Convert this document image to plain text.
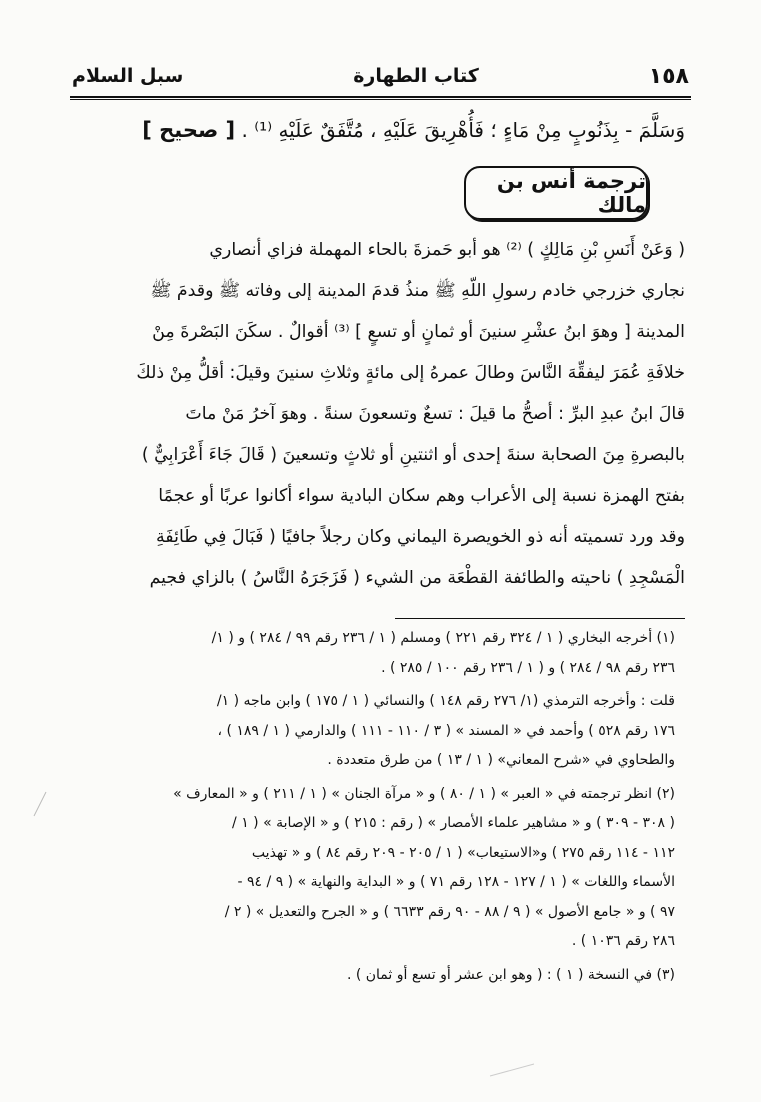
١٥٨
كتاب الطهارة
سبل السلام
وَسَلَّمَ - بِذَنُوبٍ مِنْ مَاءٍ ؛ فَأُهْرِيقَ عَلَيْهِ ، مُتَّفَقٌ عَلَيْهِ ⁽¹⁾ . [ صحيح ]
ترجمة أنس بن مالك
( وَعَنْ أَنَسِ بْنِ مَالِكٍ ) ⁽²⁾ هو أبو حَمزةَ بالحاء المهملة فزاي أنصاري
نجاري خزرجي خادم رسولِ اللّهِ ﷺ منذُ قدمَ المدينة إلى وفاته ﷺ وقدمَ ﷺ
المدينة [ وهوَ ابنُ عشْرِ سنينَ أو ثمانٍ أو تسعٍ ] ⁽³⁾ أقوالٌ . سكَنَ البَصْرةَ مِنْ
خلافَةِ عُمَرَ ليفقِّهَ النَّاسَ وطالَ عمرهُ إلى مائةٍ وثلاثِ سنينَ وقيلَ: أقلُّ مِنْ ذلكَ
قالَ ابنُ عبدِ البرِّ : أصحُّ ما قيلَ : تسعٌ وتسعونَ سنةً . وهوَ آخرُ مَنْ ماتَ
بالبصرةِ مِنَ الصحابة سنةَ إحدى أو اثنتينِ أو ثلاثٍ وتسعينَ ( قَالَ جَاءَ أَعْرَابِيٌّ )
بفتح الهمزة نسبة إلى الأعراب وهم سكان البادية سواء أكانوا عربًا أو عجمًا
وقد ورد تسميته أنه ذو الخويصرة اليماني وكان رجلاً جافيًا ( فَبَالَ فِي طَائِفَةِ
الْمَسْجِدِ ) ناحيته والطائفة القطْعَة من الشيء ( فَزَجَرَهُ النَّاسُ ) بالزاي فجيم
(١) أخرجه البخاري ( ١ / ٣٢٤ رقم ٢٢١ ) ومسلم ( ١ / ٢٣٦ رقم ٩٩ / ٢٨٤ ) و ( ١/
٢٣٦ رقم ٩٨ / ٢٨٤ ) و ( ١ / ٢٣٦ رقم ١٠٠ / ٢٨٥ ) .
قلت : وأخرجه الترمذي (١/ ٢٧٦ رقم ١٤٨ ) والنسائي ( ١ / ١٧٥ ) وابن ماجه ( ١/
١٧٦ رقم ٥٢٨ ) وأحمد في « المسند » ( ٣ / ١١٠ - ١١١ ) والدارمي ( ١ / ١٨٩ ) ،
والطحاوي في «شرح المعاني» ( ١ / ١٣ ) من طرق متعددة .
(٢) انظر ترجمته في « العبر » ( ١ / ٨٠ ) و « مرآة الجنان » ( ١ / ٢١١ ) و « المعارف »
( ٣٠٨ - ٣٠٩ ) و « مشاهير علماء الأمصار » ( رقم : ٢١٥ ) و « الإصابة » ( ١ /
١١٢ - ١١٤ رقم ٢٧٥ ) و«الاستيعاب» ( ١ / ٢٠٥ - ٢٠٩ رقم ٨٤ ) و « تهذيب
الأسماء واللغات » ( ١ / ١٢٧ - ١٢٨ رقم ٧١ ) و « البداية والنهاية » ( ٩ / ٩٤ -
٩٧ ) و « جامع الأصول » ( ٩ / ٨٨ - ٩٠ رقم ٦٦٣٣ ) و « الجرح والتعديل » ( ٢ /
٢٨٦ رقم ١٠٣٦ ) .
(٣) في النسخة ( ١ ) : ( وهو ابن عشر أو تسع أو ثمان ) .
